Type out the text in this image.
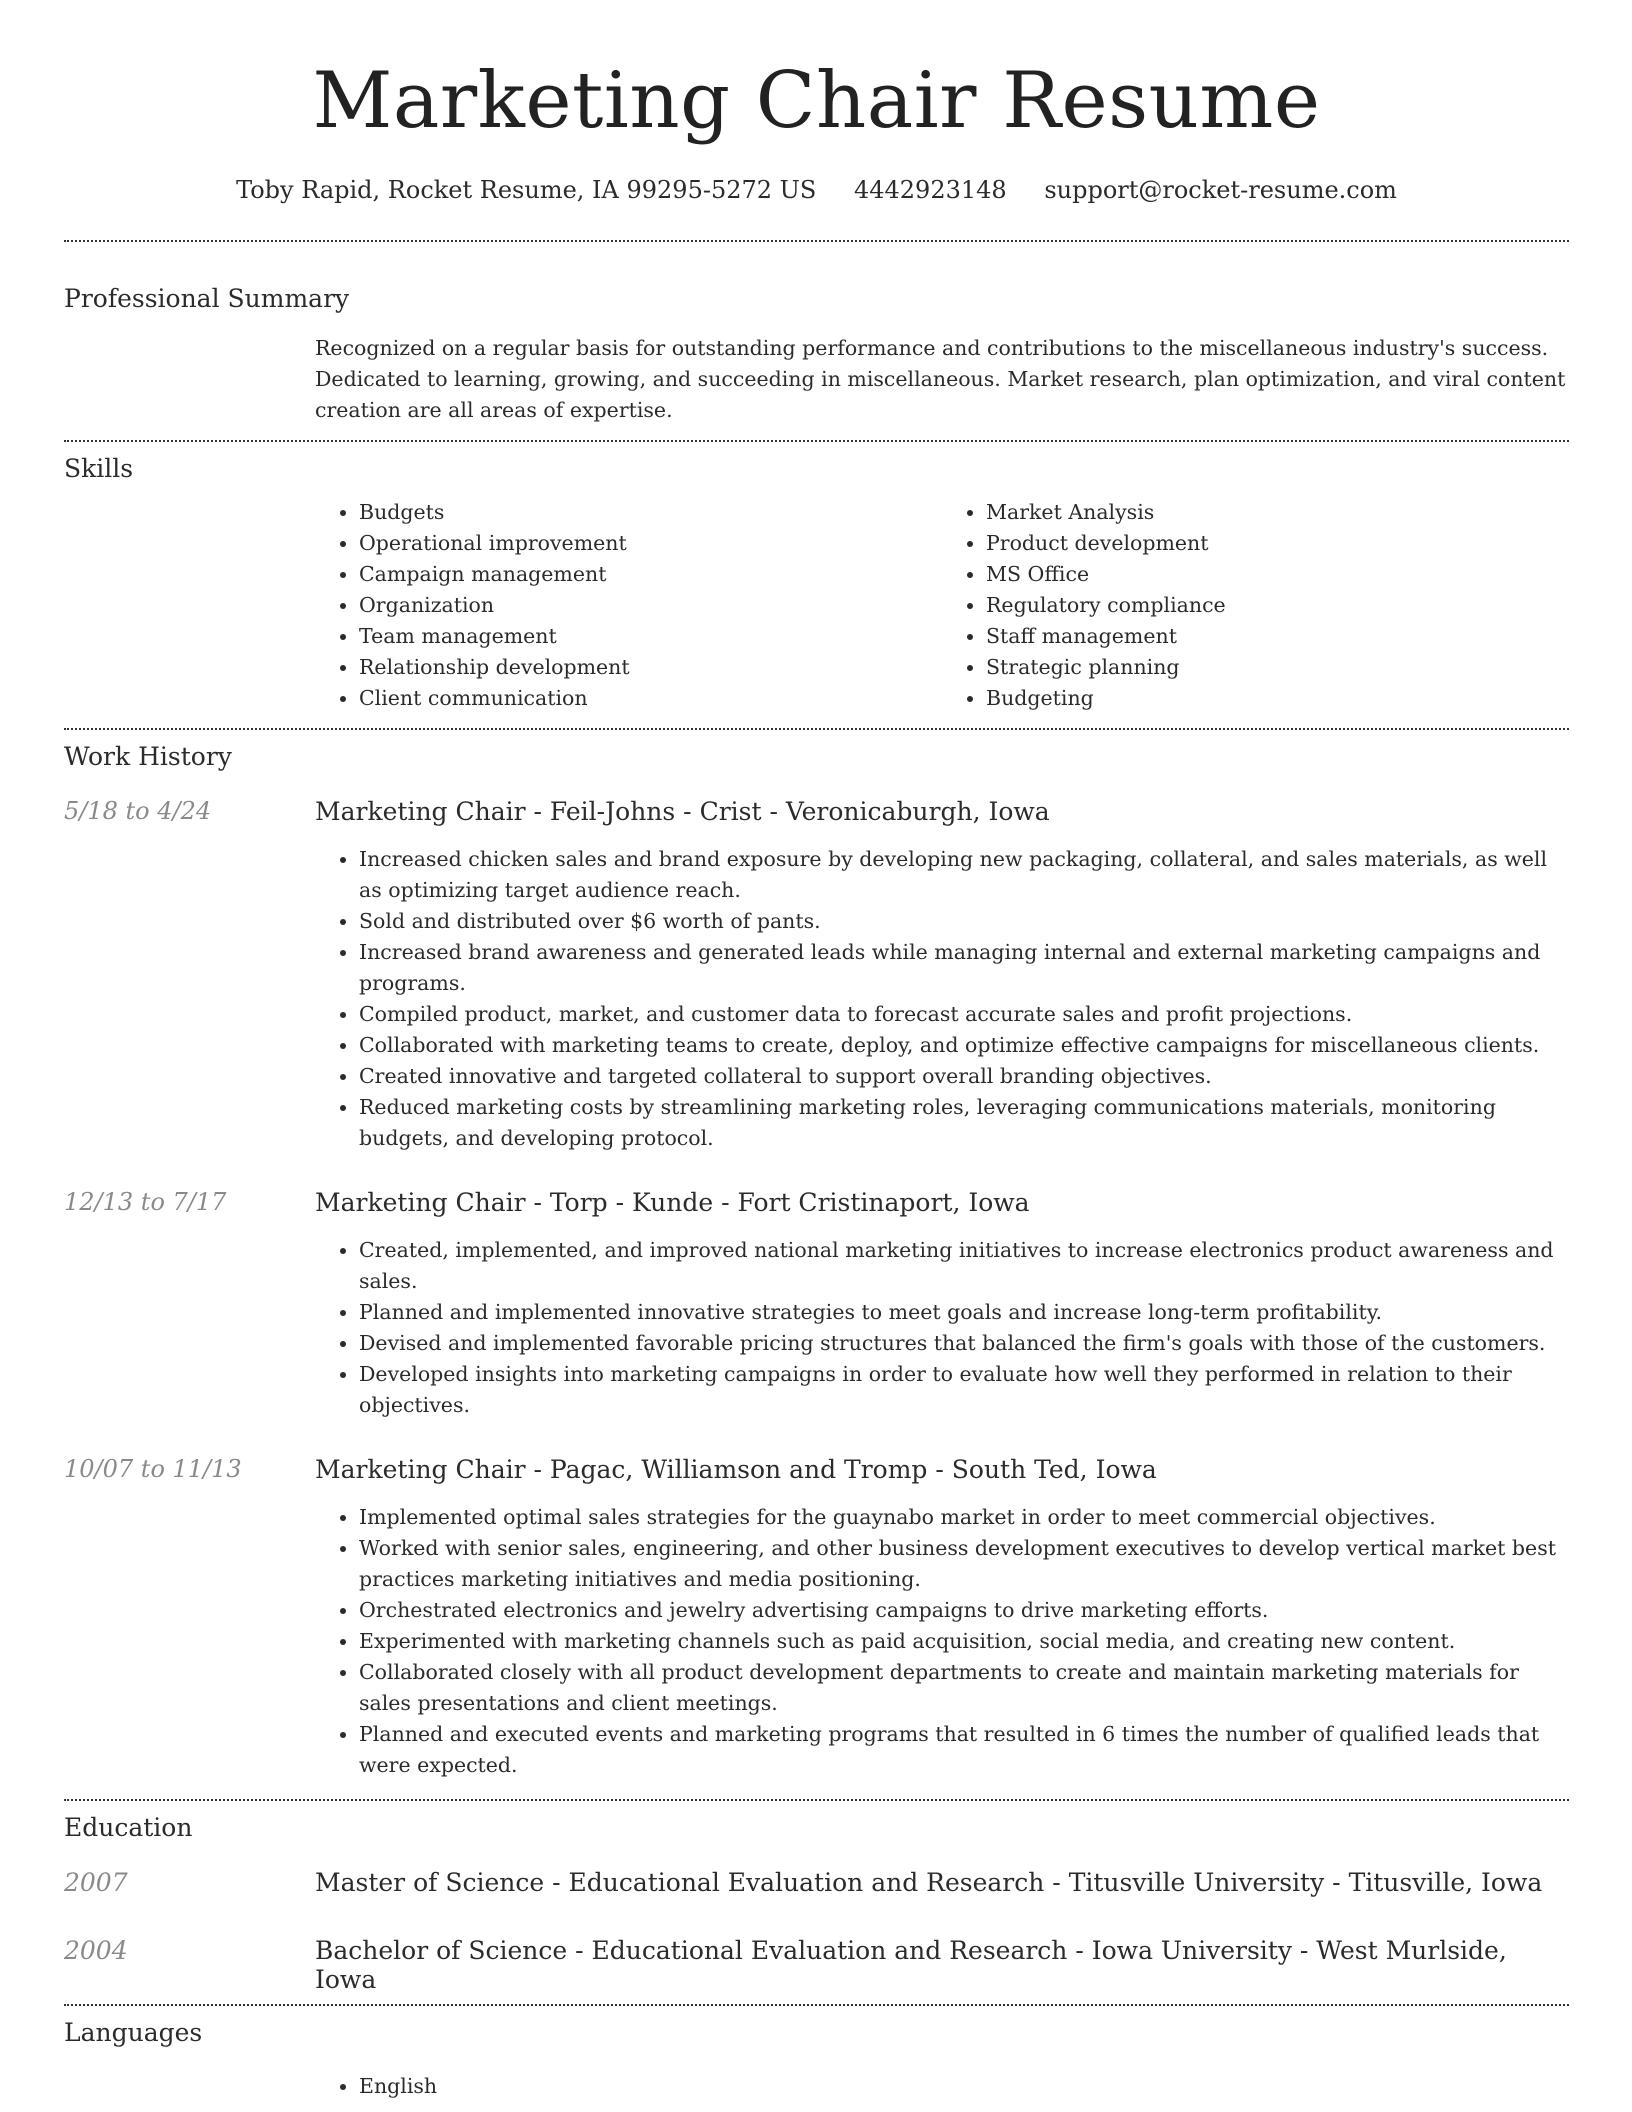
Marketing Chair Resume
Toby Rapid, Rocket Resume, IA 99295-5272 US 4442923148 support@rocket-resume.com
Professional Summary
Recognized on a regular basis for outstanding performance and contributions to the miscellaneous industry's success. Dedicated to learning, growing, and succeeding in miscellaneous. Market research, plan optimization, and viral content creation are all areas of expertise.
Skills
• Budgets
• Operational improvement
• Campaign management
• Organization
• Team management
• Relationship development
• Client communication
• Market Analysis
• Product development
• MS Office
• Regulatory compliance
• Staff management
• Strategic planning
• Budgeting
Work History
5/18 to 4/24	Marketing Chair - Feil-Johns - Crist - Veronicaburgh, Iowa
• Increased chicken sales and brand exposure by developing new packaging, collateral, and sales materials, as well as optimizing target audience reach.
• Sold and distributed over $6 worth of pants.
• Increased brand awareness and generated leads while managing internal and external marketing campaigns and programs.
• Compiled product, market, and customer data to forecast accurate sales and profit projections.
• Collaborated with marketing teams to create, deploy, and optimize effective campaigns for miscellaneous clients.
• Created innovative and targeted collateral to support overall branding objectives.
• Reduced marketing costs by streamlining marketing roles, leveraging communications materials, monitoring budgets, and developing protocol.
12/13 to 7/17	Marketing Chair - Torp - Kunde - Fort Cristinaport, Iowa
• Created, implemented, and improved national marketing initiatives to increase electronics product awareness and sales.
• Planned and implemented innovative strategies to meet goals and increase long-term profitability.
• Devised and implemented favorable pricing structures that balanced the firm's goals with those of the customers.
• Developed insights into marketing campaigns in order to evaluate how well they performed in relation to their objectives.
10/07 to 11/13	Marketing Chair - Pagac, Williamson and Tromp - South Ted, Iowa
• Implemented optimal sales strategies for the guaynabo market in order to meet commercial objectives.
• Worked with senior sales, engineering, and other business development executives to develop vertical market best practices marketing initiatives and media positioning.
• Orchestrated electronics and jewelry advertising campaigns to drive marketing efforts.
• Experimented with marketing channels such as paid acquisition, social media, and creating new content.
• Collaborated closely with all product development departments to create and maintain marketing materials for sales presentations and client meetings.
• Planned and executed events and marketing programs that resulted in 6 times the number of qualified leads that were expected.
Education
2007	Master of Science - Educational Evaluation and Research - Titusville University - Titusville, Iowa
2004	Bachelor of Science - Educational Evaluation and Research - Iowa University - West Murlside, Iowa
Languages
• English
